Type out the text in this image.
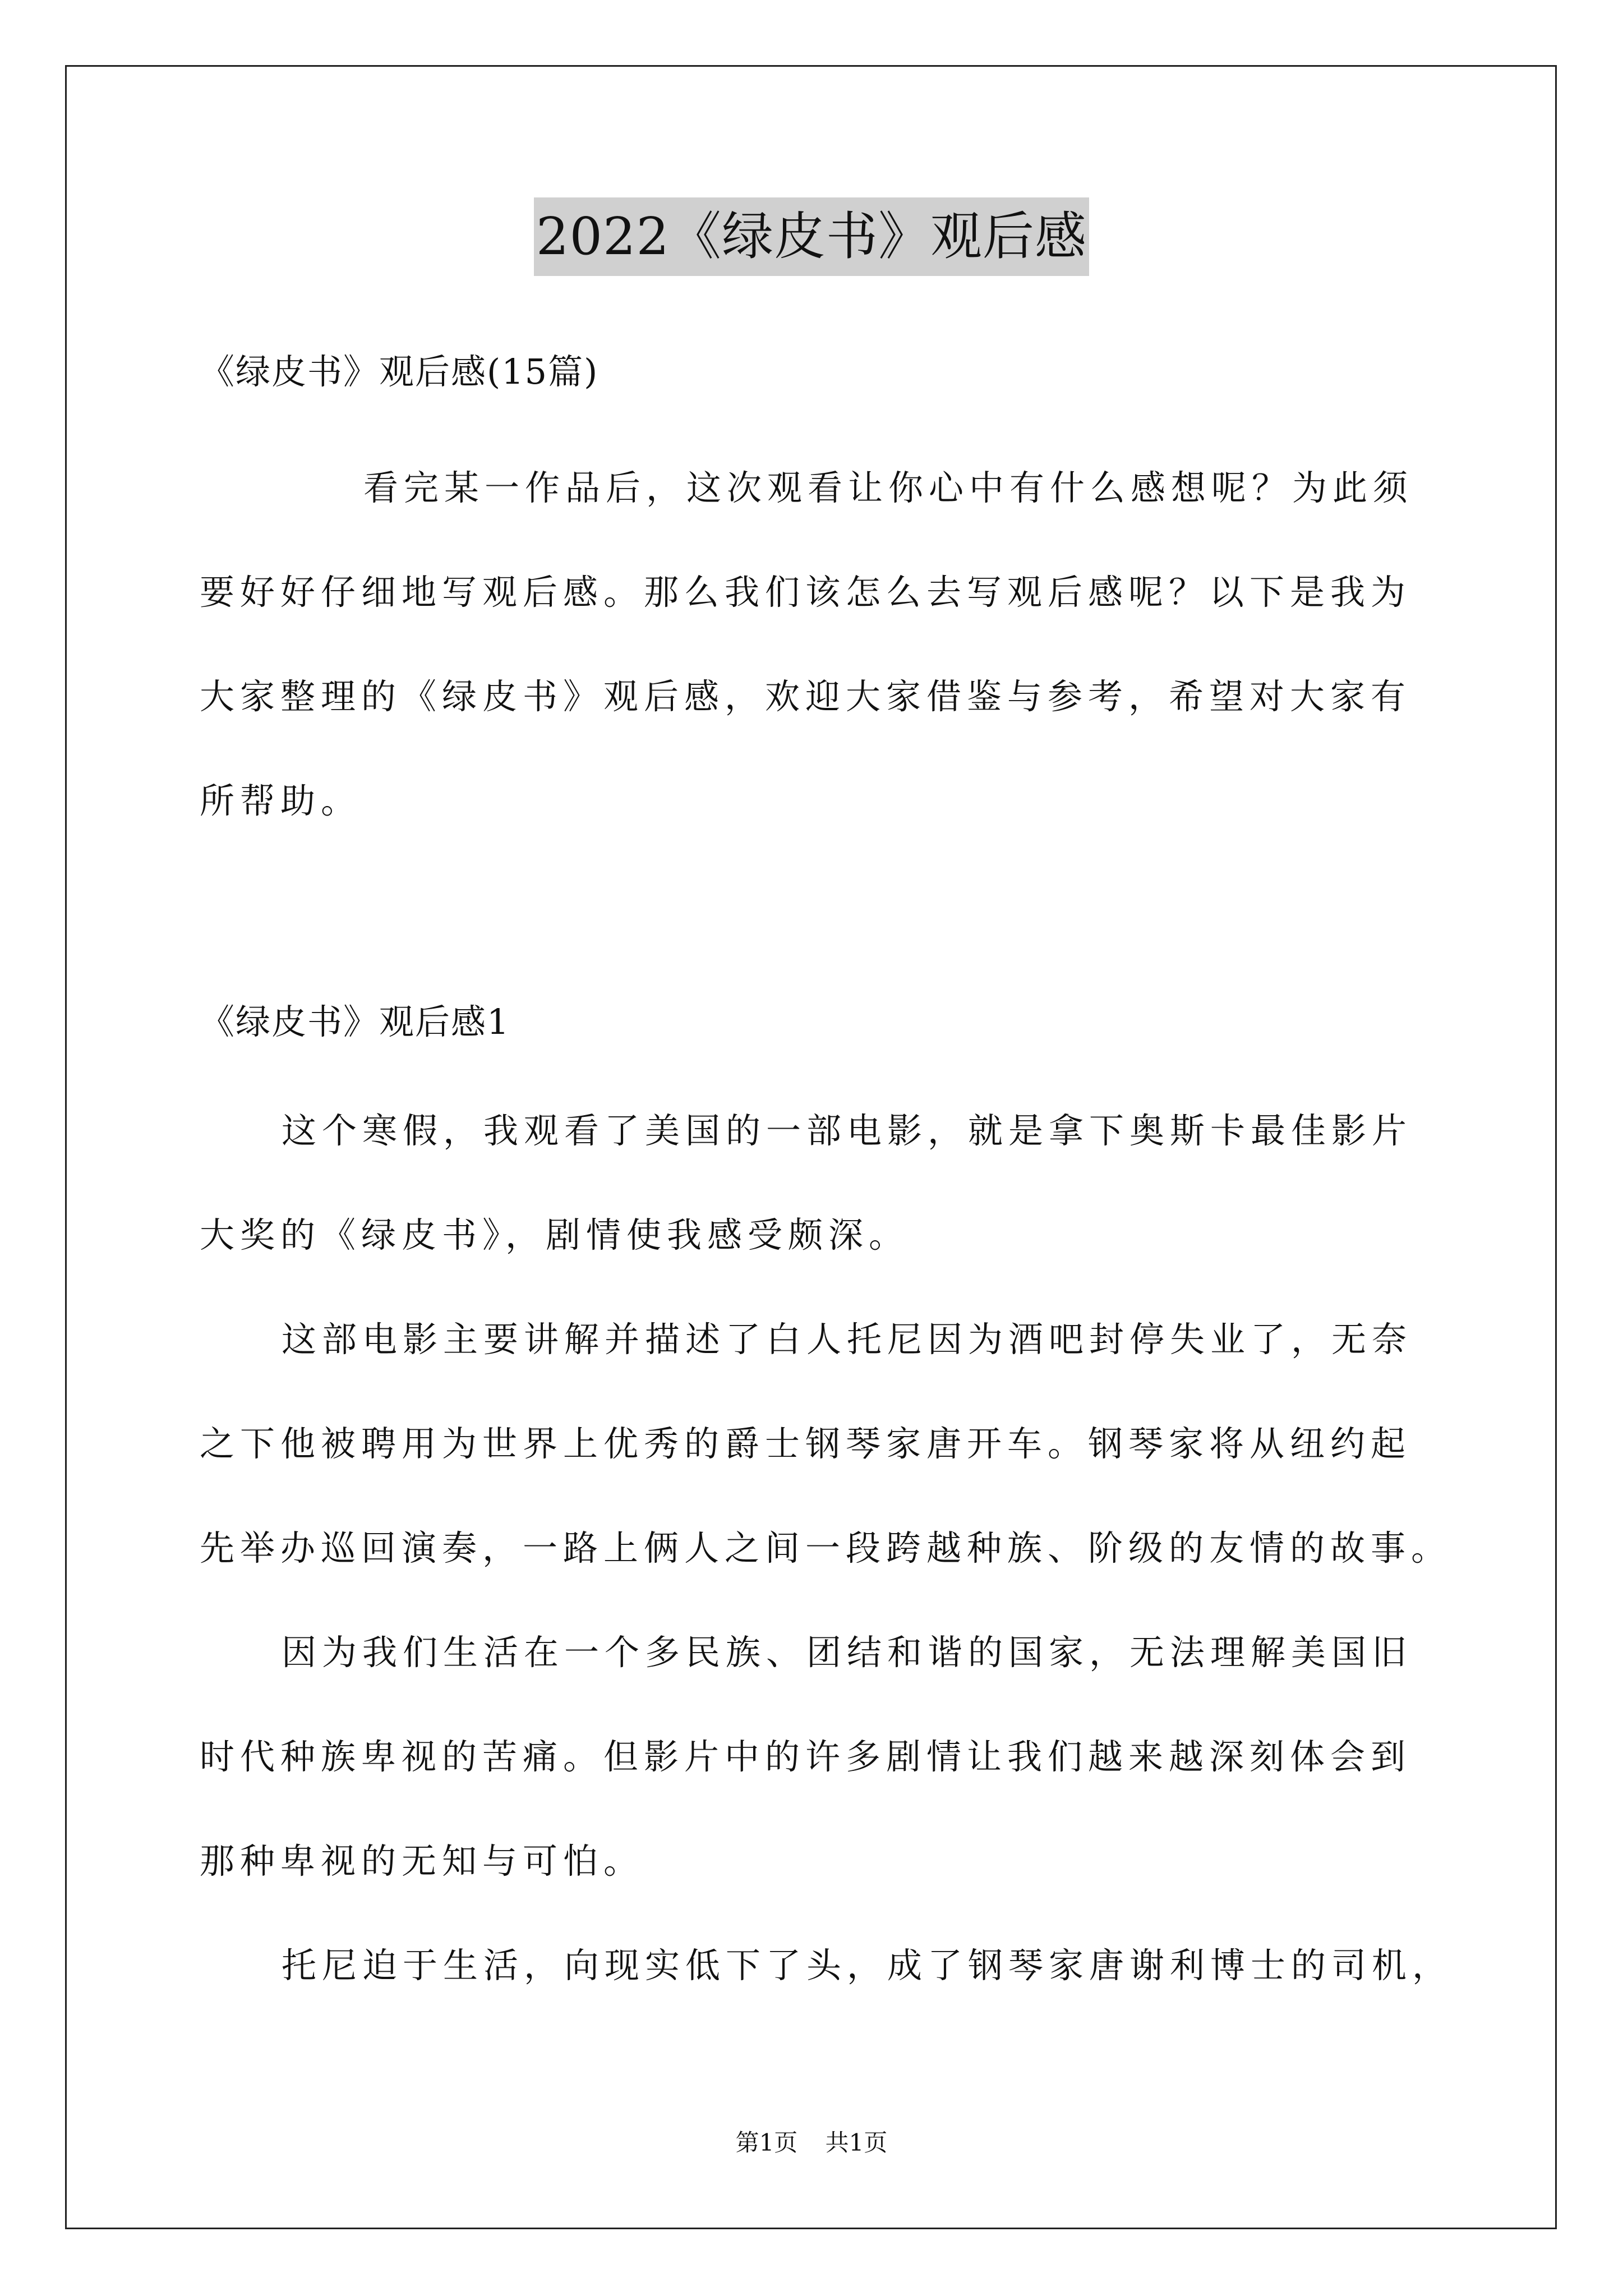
2022《绿皮书》观后感
《绿皮书》观后感(15篇)
看完某一作品后，这次观看让你心中有什么感想呢？为此须
要好好仔细地写观后感。那么我们该怎么去写观后感呢？以下是我为
大家整理的《绿皮书》观后感，欢迎大家借鉴与参考，希望对大家有
所帮助。
《绿皮书》观后感1
这个寒假，我观看了美国的一部电影，就是拿下奥斯卡最佳影片
大奖的《绿皮书》，剧情使我感受颇深。
这部电影主要讲解并描述了白人托尼因为酒吧封停失业了，无奈
之下他被聘用为世界上优秀的爵士钢琴家唐开车。钢琴家将从纽约起
先举办巡回演奏，一路上俩人之间一段跨越种族、阶级的友情的故事。
因为我们生活在一个多民族、团结和谐的国家，无法理解美国旧
时代种族卑视的苦痛。但影片中的许多剧情让我们越来越深刻体会到
那种卑视的无知与可怕。
托尼迫于生活，向现实低下了头，成了钢琴家唐谢利博士的司机，
第1页 共1页
